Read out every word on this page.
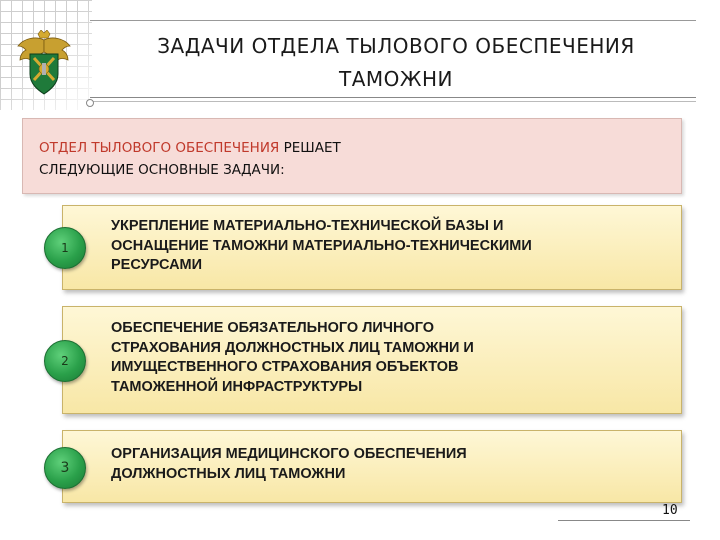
ЗАДАЧИ ОТДЕЛА ТЫЛОВОГО ОБЕСПЕЧЕНИЯ
ТАМОЖНИ
ОТДЕЛ ТЫЛОВОГО ОБЕСПЕЧЕНИЯ РЕШАЕТ
СЛЕДУЮЩИЕ ОСНОВНЫЕ ЗАДАЧИ:
УКРЕПЛЕНИЕ МАТЕРИАЛЬНО-ТЕХНИЧЕСКОЙ БАЗЫ И
ОСНАЩЕНИЕ ТАМОЖНИ МАТЕРИАЛЬНО-ТЕХНИЧЕСКИМИ
РЕСУРСАМИ
1
ОБЕСПЕЧЕНИЕ ОБЯЗАТЕЛЬНОГО ЛИЧНОГО
СТРАХОВАНИЯ ДОЛЖНОСТНЫХ ЛИЦ ТАМОЖНИ И
ИМУЩЕСТВЕННОГО СТРАХОВАНИЯ ОБЪЕКТОВ
ТАМОЖЕННОЙ ИНФРАСТРУКТУРЫ
2
ОРГАНИЗАЦИЯ МЕДИЦИНСКОГО ОБЕСПЕЧЕНИЯ
ДОЛЖНОСТНЫХ ЛИЦ ТАМОЖНИ
3
10
